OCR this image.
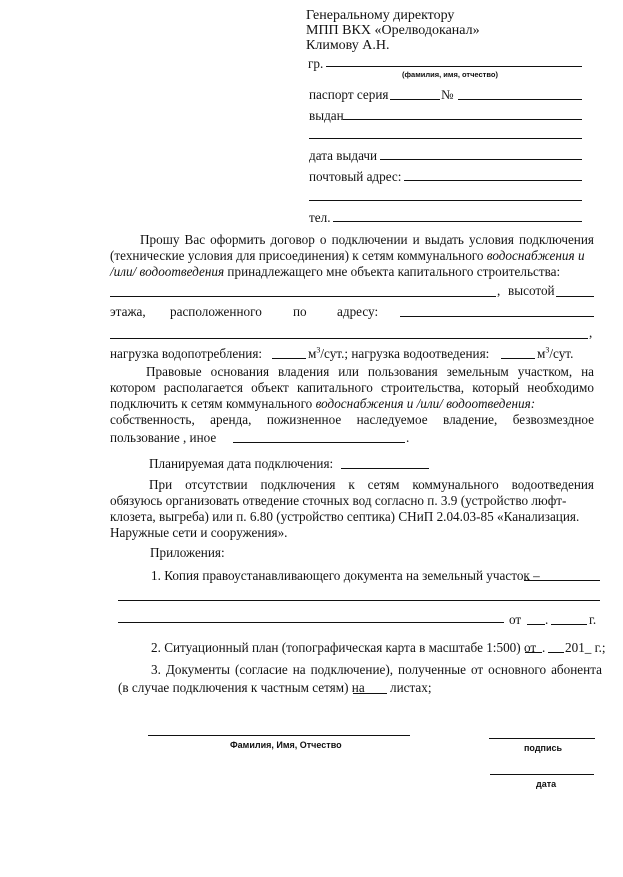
Генеральному директору
МПП ВКХ «Орелводоканал»
Климову А.Н.
гр.
(фамилия, имя, отчество)
паспорт серия	№
выдан
дата выдачи
почтовый адрес:
тел.
Прошу Вас оформить договор о подключении и выдать условия подключения
(технические условия для присоединения) к сетям коммунального водоснабжения и
/или/ водоотведения принадлежащего мне объекта капитального строительства:
, высотой
этажа, расположенного по адресу:
,
нагрузка водопотребления:	$м^3$/сут.; нагрузка водоотведения:	$м^3$/сут.
Правовые основания владения или пользования земельным участком, на
котором располагается объект капитального строительства, который необходимо
подключить к сетям коммунального водоснабжения и /или/ водоотведения:
собственность, аренда, пожизненное наследуемое владение, безвозмездное
пользование , иное	.
Планируемая дата подключения:
При отсутствии подключения к сетям коммунального водоотведения
обязуюсь организовать отведение сточных вод согласно п. 3.9 (устройство люфт-
клозета, выгреба) или п. 6.80 (устройство септика) СНиП 2.04.03-85 «Канализация.
Наружные сети и сооружения».
Приложения:
1. Копия правоустанавливающего документа на земельный участок –
от .	г.
2. Ситуационный план (топографическая карта в масштабе 1:500) от . 201_ г.;
3. Документы (согласие на подключение), полученные от основного абонента
(в случае подключения к частным сетям) на листах;
Фамилия, Имя, Отчество	подпись
дата
